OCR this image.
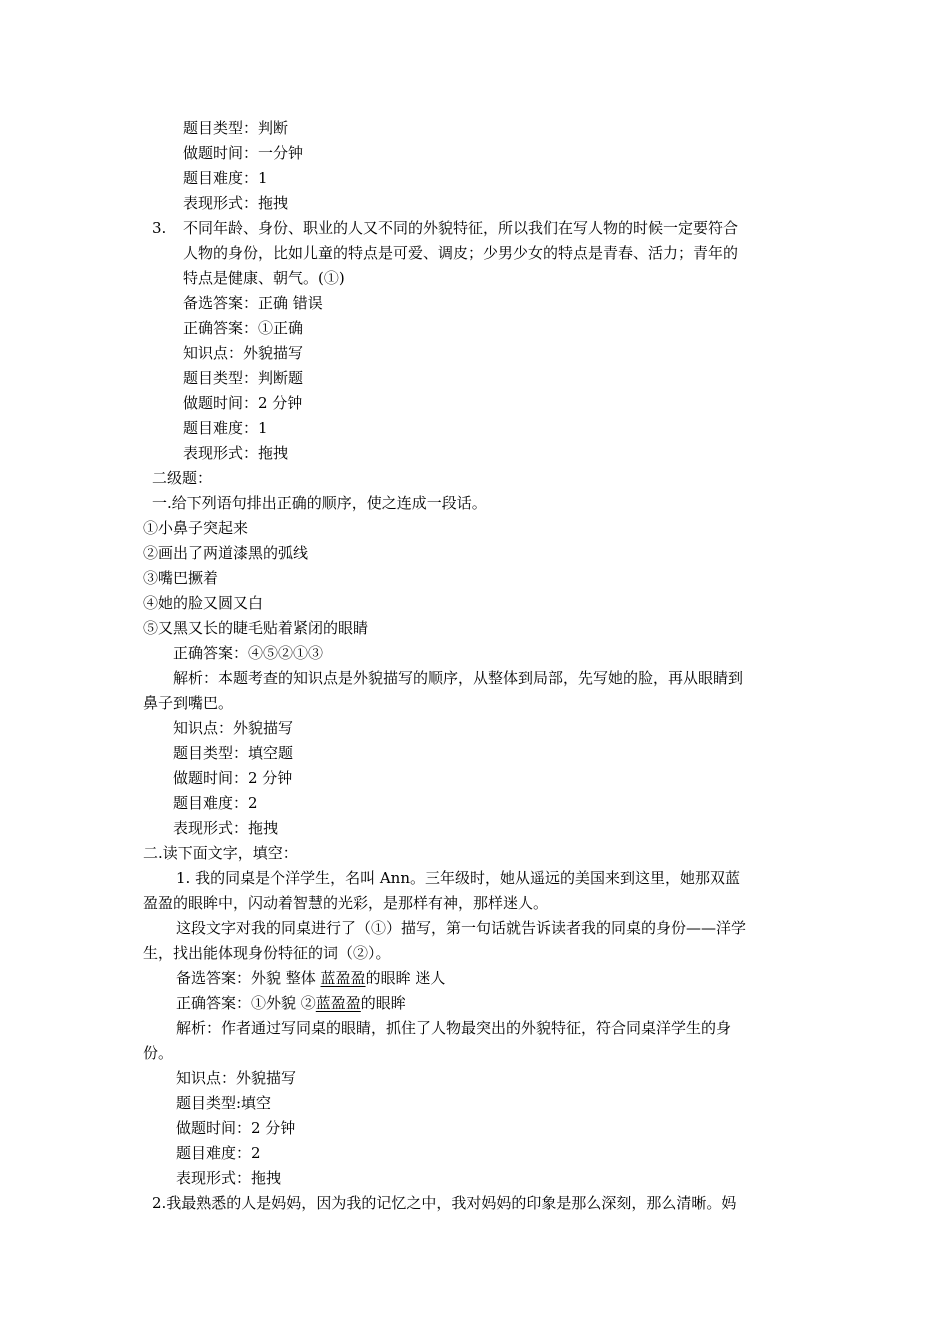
题目类型：判断
做题时间：一分钟
题目难度：1
表现形式：拖拽
3. 不同年龄、身份、职业的人又不同的外貌特征，所以我们在写人物的时候一定要符合
人物的身份，比如儿童的特点是可爱、调皮；少男少女的特点是青春、活力；青年的
特点是健康、朝气。(①)
备选答案：正确 错误
正确答案：①正确
知识点：外貌描写
题目类型：判断题
做题时间：2 分钟
题目难度：1
表现形式：拖拽
二级题：
一.给下列语句排出正确的顺序，使之连成一段话。
①小鼻子突起来
②画出了两道漆黑的弧线
③嘴巴撅着
④她的脸又圆又白
⑤又黑又长的睫毛贴着紧闭的眼睛
正确答案：④⑤②①③
解析：本题考查的知识点是外貌描写的顺序，从整体到局部，先写她的脸，再从眼睛到
鼻子到嘴巴。
知识点：外貌描写
题目类型：填空题
做题时间：2 分钟
题目难度：2
表现形式：拖拽
二.读下面文字，填空：
1. 我的同桌是个洋学生，名叫 Ann。三年级时，她从遥远的美国来到这里，她那双蓝
盈盈的眼眸中，闪动着智慧的光彩，是那样有神，那样迷人。
这段文字对我的同桌进行了（①）描写，第一句话就告诉读者我的同桌的身份——洋学
生，找出能体现身份特征的词（②）。
备选答案：外貌 整体 蓝盈盈的眼眸 迷人
正确答案：①外貌 ②蓝盈盈的眼眸
解析：作者通过写同桌的眼睛，抓住了人物最突出的外貌特征，符合同桌洋学生的身
份。
知识点：外貌描写
题目类型:填空
做题时间：2 分钟
题目难度：2
表现形式：拖拽
2.我最熟悉的人是妈妈，因为我的记忆之中，我对妈妈的印象是那么深刻，那么清晰。妈
